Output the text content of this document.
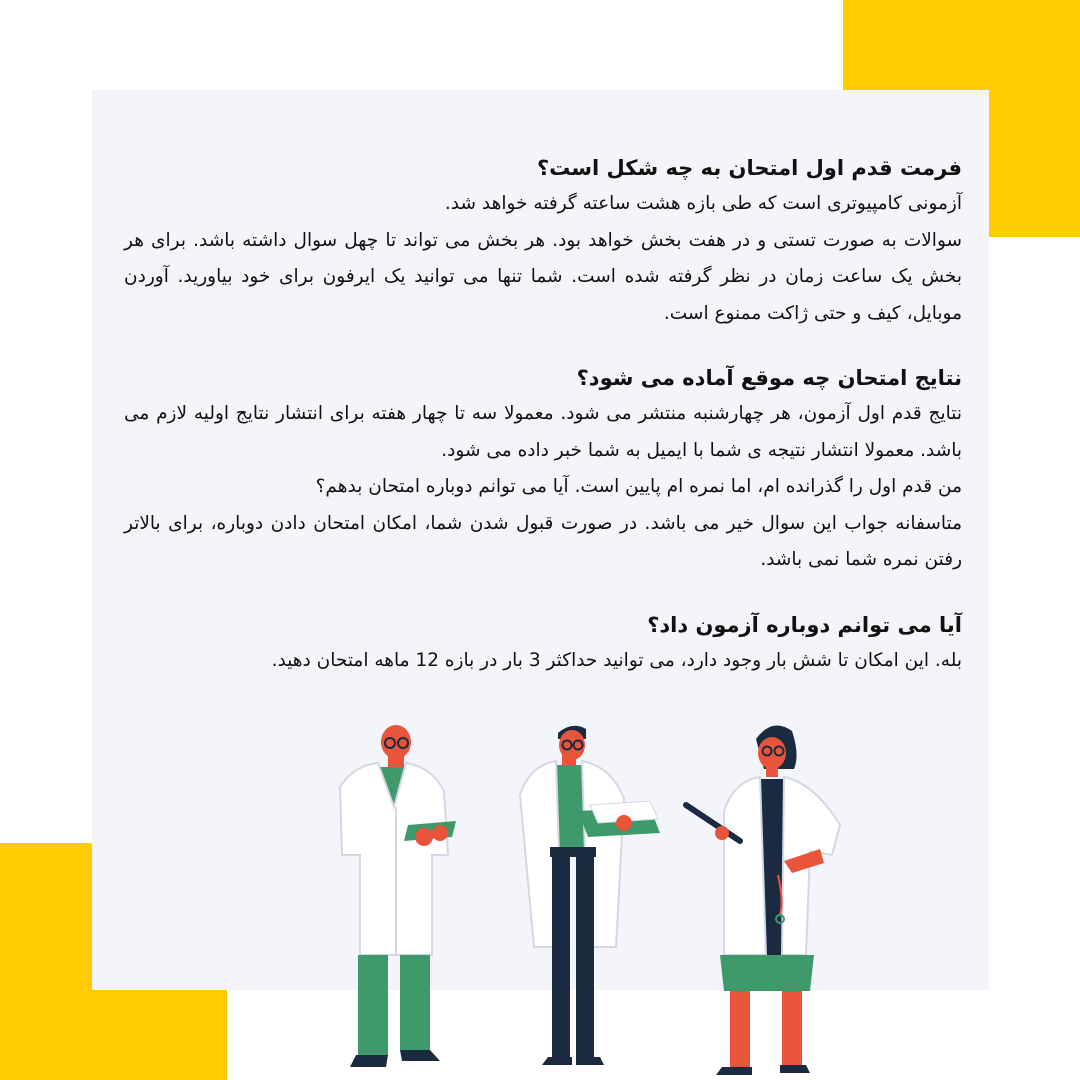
فرمت قدم اول امتحان به چه شکل است؟

آزمونی کامپیوتری است که طی بازه هشت ساعته گرفته خواهد شد.

سوالات به صورت تستی و در هفت بخش خواهد بود. هر بخش می تواند تا چهل سوال داشته باشد. برای هر بخش یک ساعت زمان در نظر گرفته شده است. شما تنها می توانید یک ایرفون برای خود بیاورید. آوردن موبایل، کیف و حتی ژاکت ممنوع است.

نتایج امتحان چه موقع آماده می شود؟

نتایج قدم اول آزمون، هر چهارشنبه منتشر می شود. معمولا سه تا چهار هفته برای انتشار نتایج اولیه لازم می باشد. معمولا انتشار نتیجه ی شما با ایمیل به شما خبر داده می شود.

من قدم اول را گذرانده ام، اما نمره ام پایین است. آیا می توانم دوباره امتحان بدهم؟

متاسفانه جواب این سوال خیر می باشد. در صورت قبول شدن شما، امکان امتحان دادن دوباره، برای بالاتر رفتن نمره شما نمی باشد.

آیا می توانم دوباره آزمون داد؟

بله. این امکان تا شش بار وجود دارد، می توانید حداکثر 3 بار در بازه 12 ماهه امتحان دهید.
